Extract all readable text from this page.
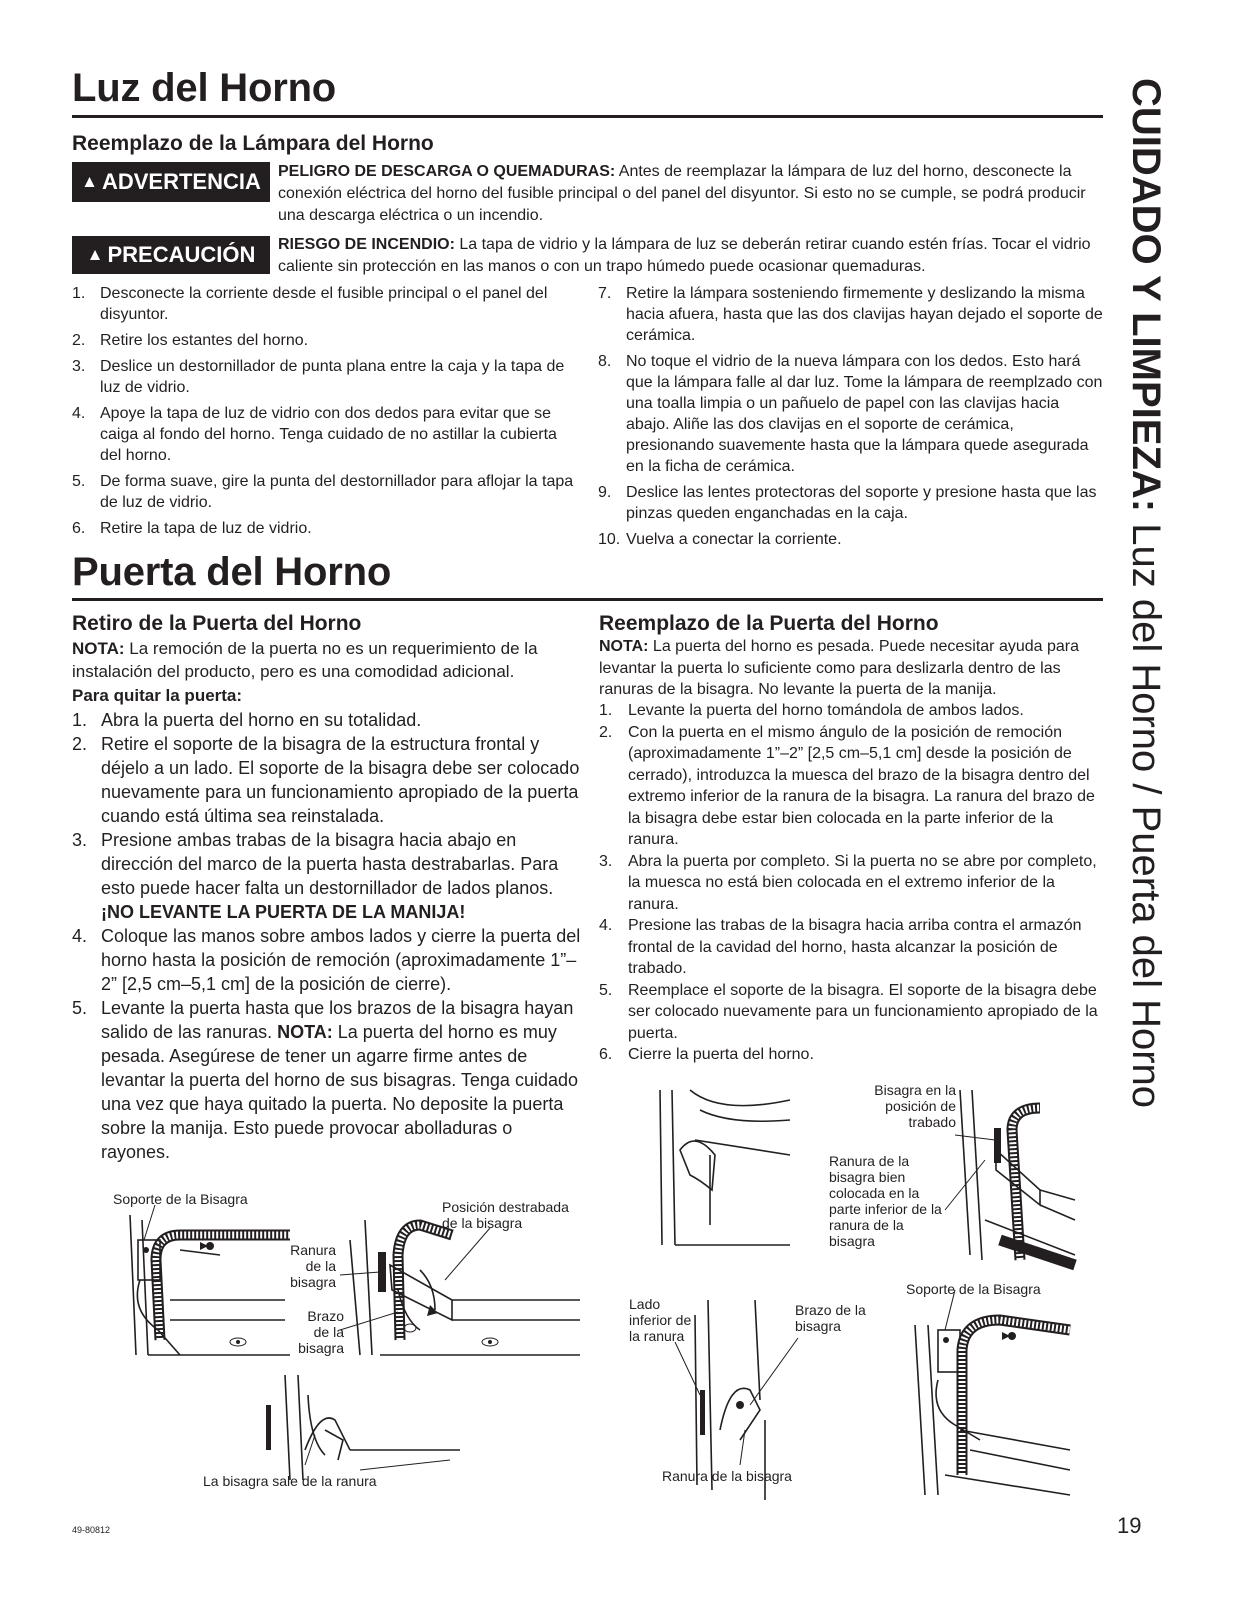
Luz del Horno
Reemplazo de la Lámpara del Horno
▲ ADVERTENCIA PELIGRO DE DESCARGA O QUEMADURAS: Antes de reemplazar la lámpara de luz del horno, desconecte la conexión eléctrica del horno del fusible principal o del panel del disyuntor. Si esto no se cumple, se podrá producir una descarga eléctrica o un incendio.
▲ PRECAUCIÓN RIESGO DE INCENDIO: La tapa de vidrio y la lámpara de luz se deberán retirar cuando estén frías. Tocar el vidrio caliente sin protección en las manos o con un trapo húmedo puede ocasionar quemaduras.
1. Desconecte la corriente desde el fusible principal o el panel del disyuntor.
2. Retire los estantes del horno.
3. Deslice un destornillador de punta plana entre la caja y la tapa de luz de vidrio.
4. Apoye la tapa de luz de vidrio con dos dedos para evitar que se caiga al fondo del horno. Tenga cuidado de no astillar la cubierta del horno.
5. De forma suave, gire la punta del destornillador para aflojar la tapa de luz de vidrio.
6. Retire la tapa de luz de vidrio.
7. Retire la lámpara sosteniendo firmemente y deslizando la misma hacia afuera, hasta que las dos clavijas hayan dejado el soporte de cerámica.
8. No toque el vidrio de la nueva lámpara con los dedos. Esto hará que la lámpara falle al dar luz. Tome la lámpara de reemplzado con una toalla limpia o un pañuelo de papel con las clavijas hacia abajo. Aliñe las dos clavijas en el soporte de cerámica, presionando suavemente hasta que la lámpara quede asegurada en la ficha de cerámica.
9. Deslice las lentes protectoras del soporte y presione hasta que las pinzas queden enganchadas en la caja.
10. Vuelva a conectar la corriente.
Puerta del Horno
Retiro de la Puerta del Horno
NOTA: La remoción de la puerta no es un requerimiento de la instalación del producto, pero es una comodidad adicional.
Para quitar la puerta:
1. Abra la puerta del horno en su totalidad.
2. Retire el soporte de la bisagra de la estructura frontal y déjelo a un lado. El soporte de la bisagra debe ser colocado nuevamente para un funcionamiento apropiado de la puerta cuando está última sea reinstalada.
3. Presione ambas trabas de la bisagra hacia abajo en dirección del marco de la puerta hasta destrabarlas. Para esto puede hacer falta un destornillador de lados planos. ¡NO LEVANTE LA PUERTA DE LA MANIJA!
4. Coloque las manos sobre ambos lados y cierre la puerta del horno hasta la posición de remoción (aproximadamente 1”–2” [2,5 cm–5,1 cm] de la posición de cierre).
5. Levante la puerta hasta que los brazos de la bisagra hayan salido de las ranuras. NOTA: La puerta del horno es muy pesada. Asegúrese de tener un agarre firme antes de levantar la puerta del horno de sus bisagras. Tenga cuidado una vez que haya quitado la puerta. No deposite la puerta sobre la manija. Esto puede provocar abolladuras o rayones.
Reemplazo de la Puerta del Horno
NOTA: La puerta del horno es pesada. Puede necesitar ayuda para levantar la puerta lo suficiente como para deslizarla dentro de las ranuras de la bisagra. No levante la puerta de la manija.
1. Levante la puerta del horno tomándola de ambos lados.
2. Con la puerta en el mismo ángulo de la posición de remoción (aproximadamente 1”–2” [2,5 cm–5,1 cm] desde la posición de cerrado), introduzca la muesca del brazo de la bisagra dentro del extremo inferior de la ranura de la bisagra. La ranura del brazo de la bisagra debe estar bien colocada en la parte inferior de la ranura.
3. Abra la puerta por completo. Si la puerta no se abre por completo, la muesca no está bien colocada en el extremo inferior de la ranura.
4. Presione las trabas de la bisagra hacia arriba contra el armazón frontal de la cavidad del horno, hasta alcanzar la posición de trabado.
5. Reemplace el soporte de la bisagra. El soporte de la bisagra debe ser colocado nuevamente para un funcionamiento apropiado de la puerta.
6. Cierre la puerta del horno.
Soporte de la Bisagra	Posición destrabada de la bisagra
Ranura de la bisagra
Brazo de la bisagra
La bisagra sale de la ranura
Bisagra en la posición de trabado
Ranura de la bisagra bien colocada en la parte inferior de la ranura de la bisagra
Soporte de la Bisagra
Lado inferior de la ranura
Brazo de la bisagra
Ranura de la bisagra
CUIDADO Y LIMPIEZA: Luz del Horno / Puerta del Horno
49-80812	19
